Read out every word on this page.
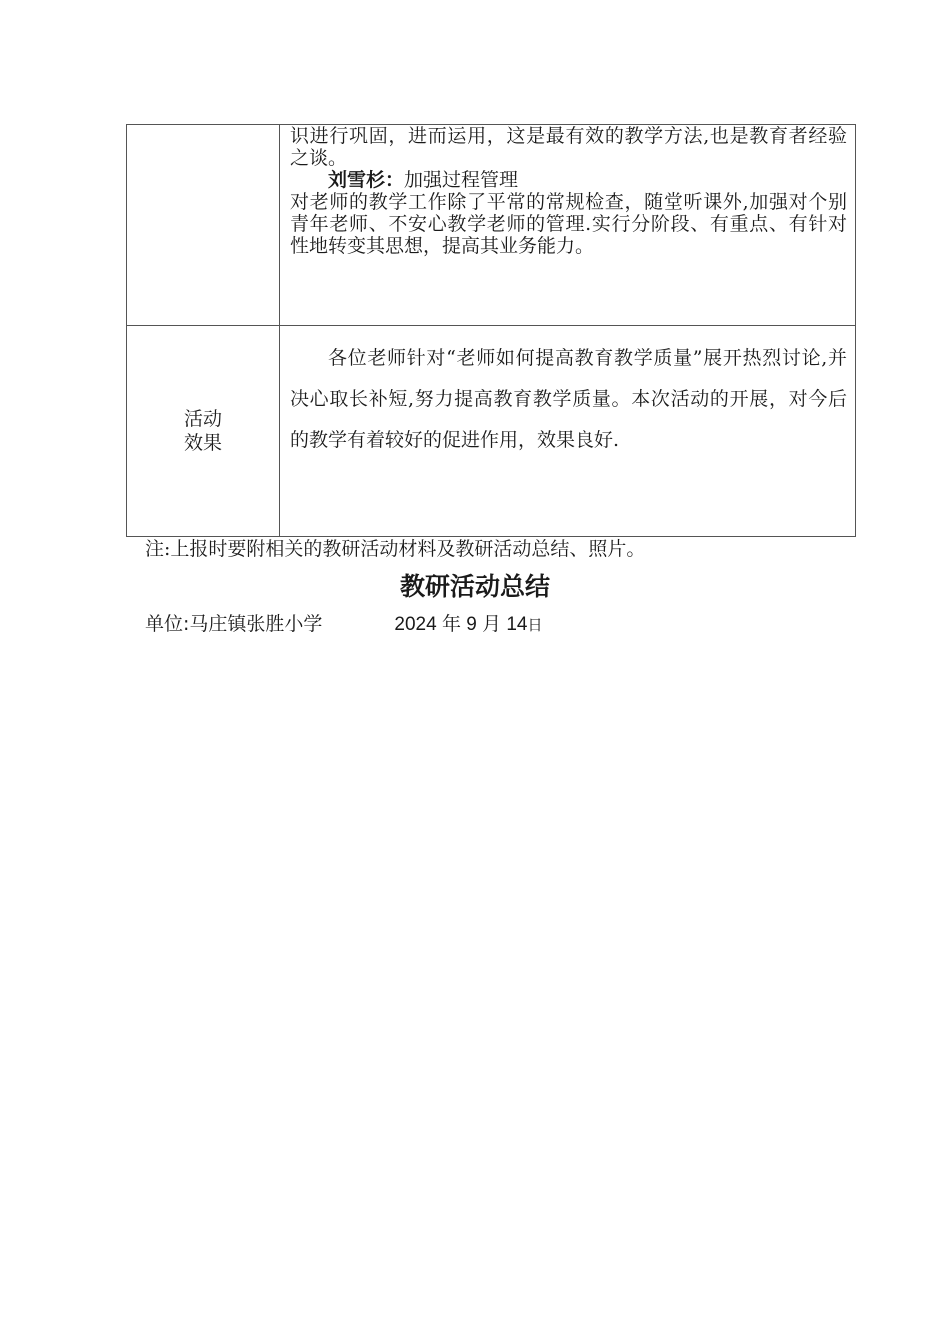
	识进行巩固，进而运用，这是最有效的教学方法,也是教育者经验之谈。

刘雪杉：加强过程管理

对老师的教学工作除了平常的常规检查，随堂听课外,加强对个别青年老师、不安心教学老师的管理.实行分阶段、有重点、有针对性地转变其思想，提高其业务能力。

活动
效果	各位老师针对“老师如何提高教育教学质量”展开热烈讨论,并决心取长补短,努力提高教育教学质量。本次活动的开展，对今后的教学有着较好的促进作用，效果良好.

注:上报时要附相关的教研活动材料及教研活动总结、照片。

教研活动总结
单位:马庄镇张胜小学	2024 年 9 月 14日
